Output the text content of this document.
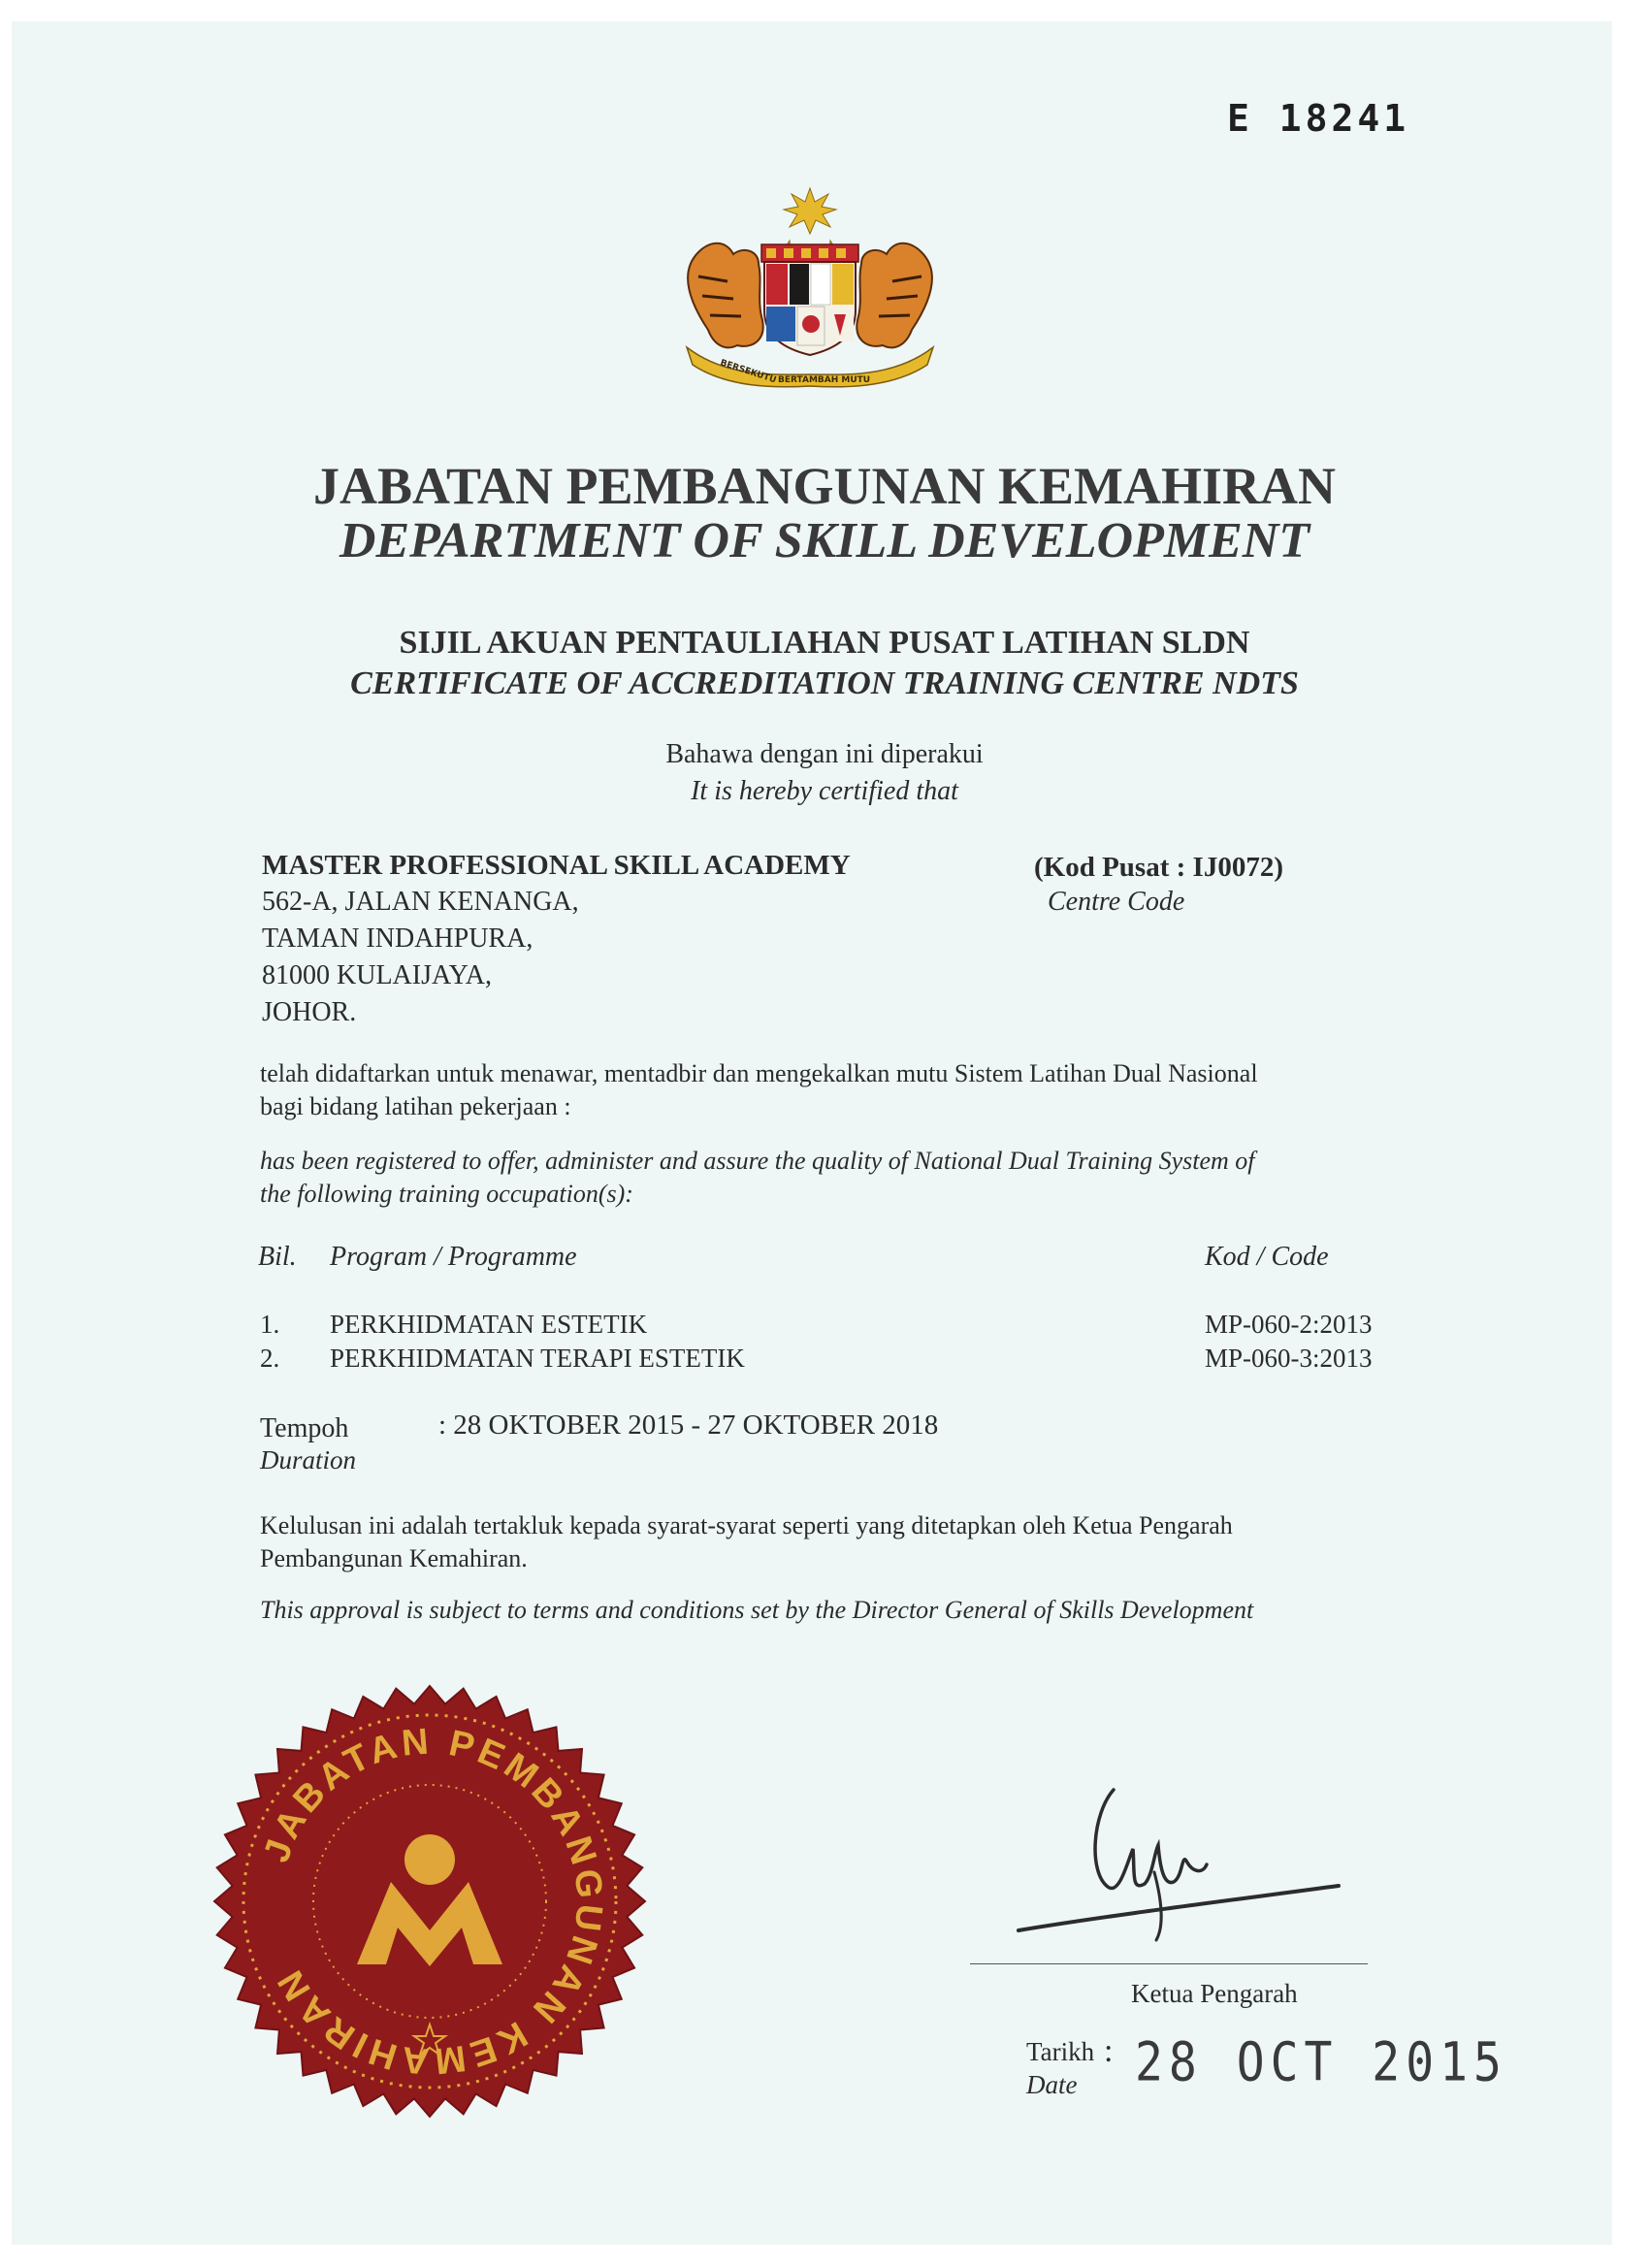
E 18241
BERSEKUTU BERTAMBAH MUTU
JABATAN PEMBANGUNAN KEMAHIRAN
DEPARTMENT OF SKILL DEVELOPMENT
SIJIL AKUAN PENTAULIAHAN PUSAT LATIHAN SLDN
CERTIFICATE OF ACCREDITATION TRAINING CENTRE NDTS
Bahawa dengan ini diperakui
It is hereby certified that
MASTER PROFESSIONAL SKILL ACADEMY
562-A, JALAN KENANGA,
TAMAN INDAHPURA,
81000 KULAIJAYA,
JOHOR.
(Kod Pusat : IJ0072)
Centre Code
telah didaftarkan untuk menawar, mentadbir dan mengekalkan mutu Sistem Latihan Dual Nasional
bagi bidang latihan pekerjaan :
has been registered to offer, administer and assure the quality of National Dual Training System of
the following training occupation(s):
Bil. Program / Programme	Kod / Code
1. PERKHIDMATAN ESTETIK	MP-060-2:2013
2. PERKHIDMATAN TERAPI ESTETIK	MP-060-3:2013
Tempoh
Duration
: 28 OKTOBER 2015 - 27 OKTOBER 2018
Kelulusan ini adalah tertakluk kepada syarat-syarat seperti yang ditetapkan oleh Ketua Pengarah
Pembangunan Kemahiran.
This approval is subject to terms and conditions set by the Director General of Skills Development
JABATAN PEMBANGUNAN KEMAHIRAN	Ketua Pengarah
Tarikh
Date
: 28 OCT 2015
